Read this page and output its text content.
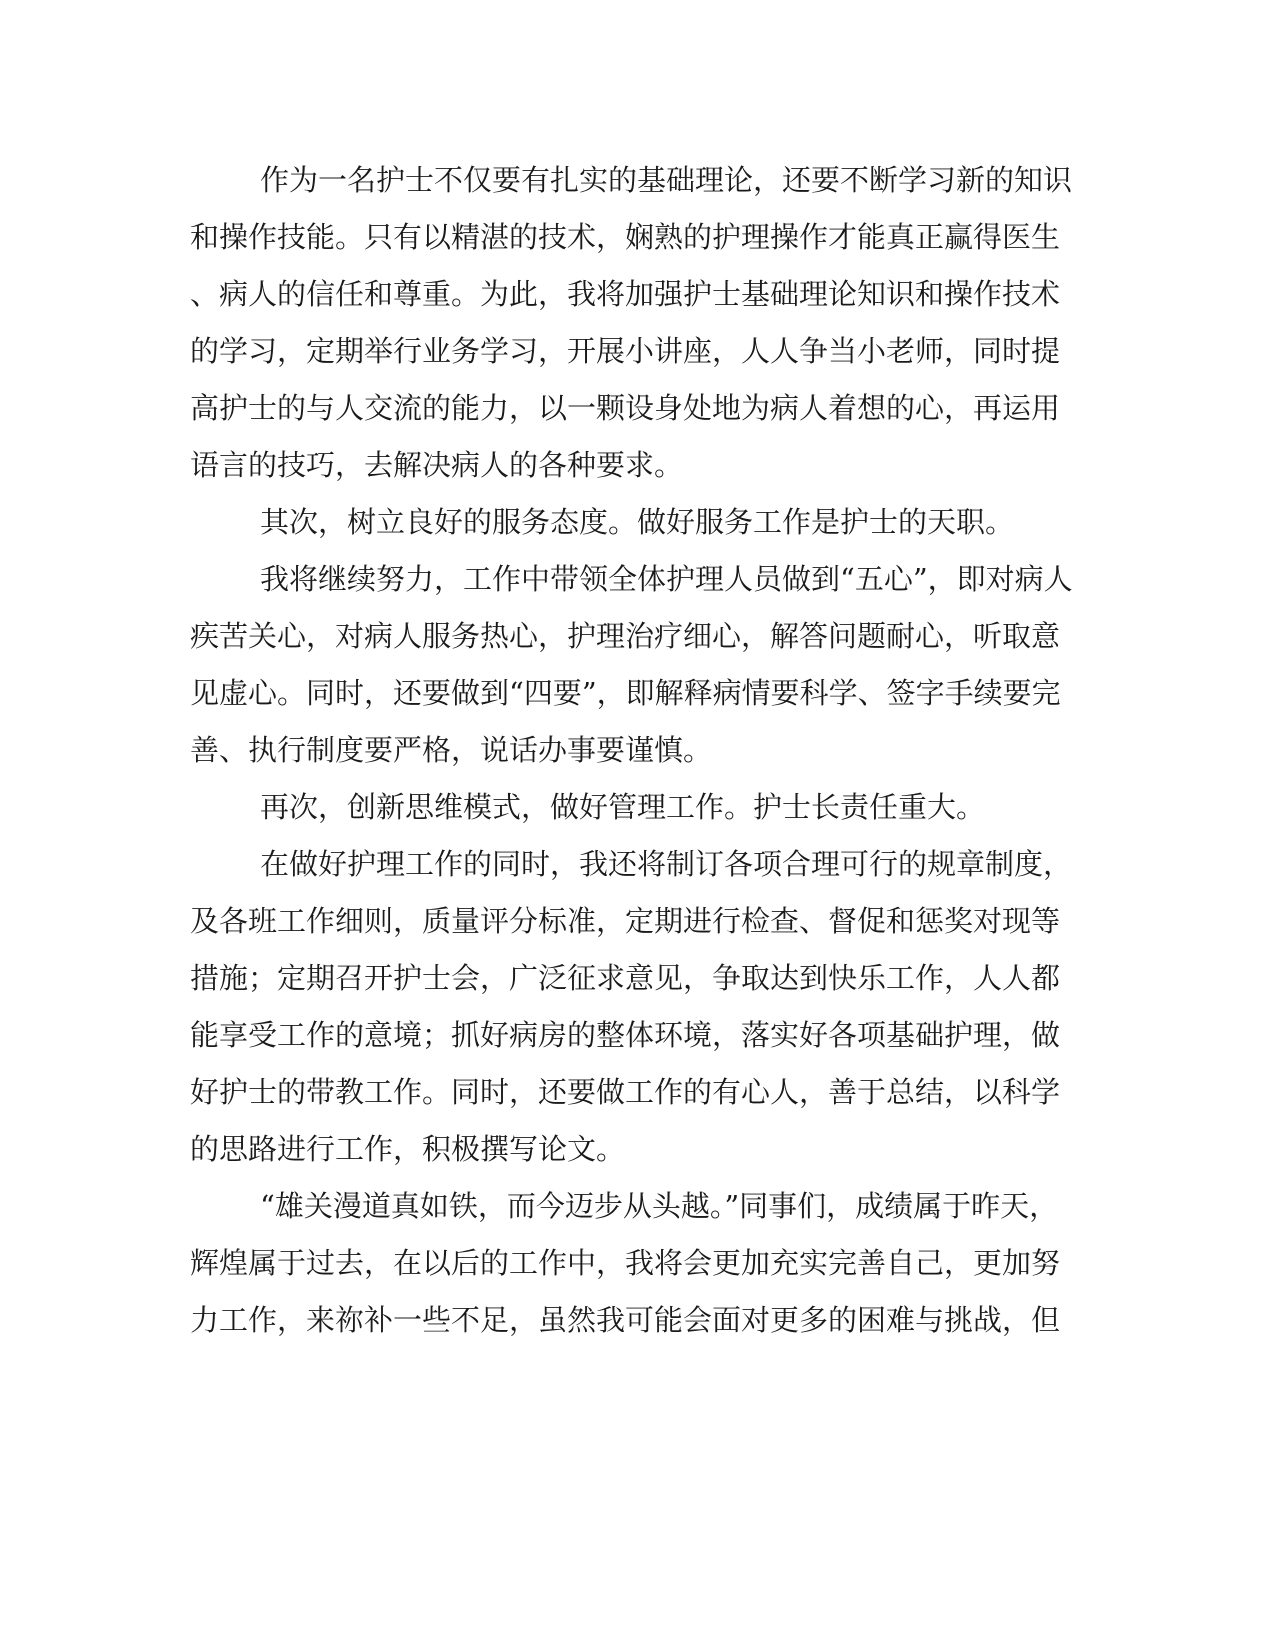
作为一名护士不仅要有扎实的基础理论，还要不断学习新的知识
和操作技能。只有以精湛的技术，娴熟的护理操作才能真正赢得医生
、病人的信任和尊重。为此，我将加强护士基础理论知识和操作技术
的学习，定期举行业务学习，开展小讲座，人人争当小老师，同时提
高护士的与人交流的能力，以一颗设身处地为病人着想的心，再运用
语言的技巧，去解决病人的各种要求。
其次，树立良好的服务态度。做好服务工作是护士的天职。
我将继续努力，工作中带领全体护理人员做到“五心”，即对病人
疾苦关心，对病人服务热心，护理治疗细心，解答问题耐心，听取意
见虚心。同时，还要做到“四要”，即解释病情要科学、签字手续要完
善、执行制度要严格，说话办事要谨慎。
再次，创新思维模式，做好管理工作。护士长责任重大。
在做好护理工作的同时，我还将制订各项合理可行的规章制度，
及各班工作细则，质量评分标准，定期进行检查、督促和惩奖对现等
措施；定期召开护士会，广泛征求意见，争取达到快乐工作，人人都
能享受工作的意境；抓好病房的整体环境，落实好各项基础护理，做
好护士的带教工作。同时，还要做工作的有心人，善于总结，以科学
的思路进行工作，积极撰写论文。
“雄关漫道真如铁，而今迈步从头越。”同事们，成绩属于昨天，
辉煌属于过去，在以后的工作中，我将会更加充实完善自己，更加努
力工作，来祢补一些不足，虽然我可能会面对更多的困难与挑战，但
